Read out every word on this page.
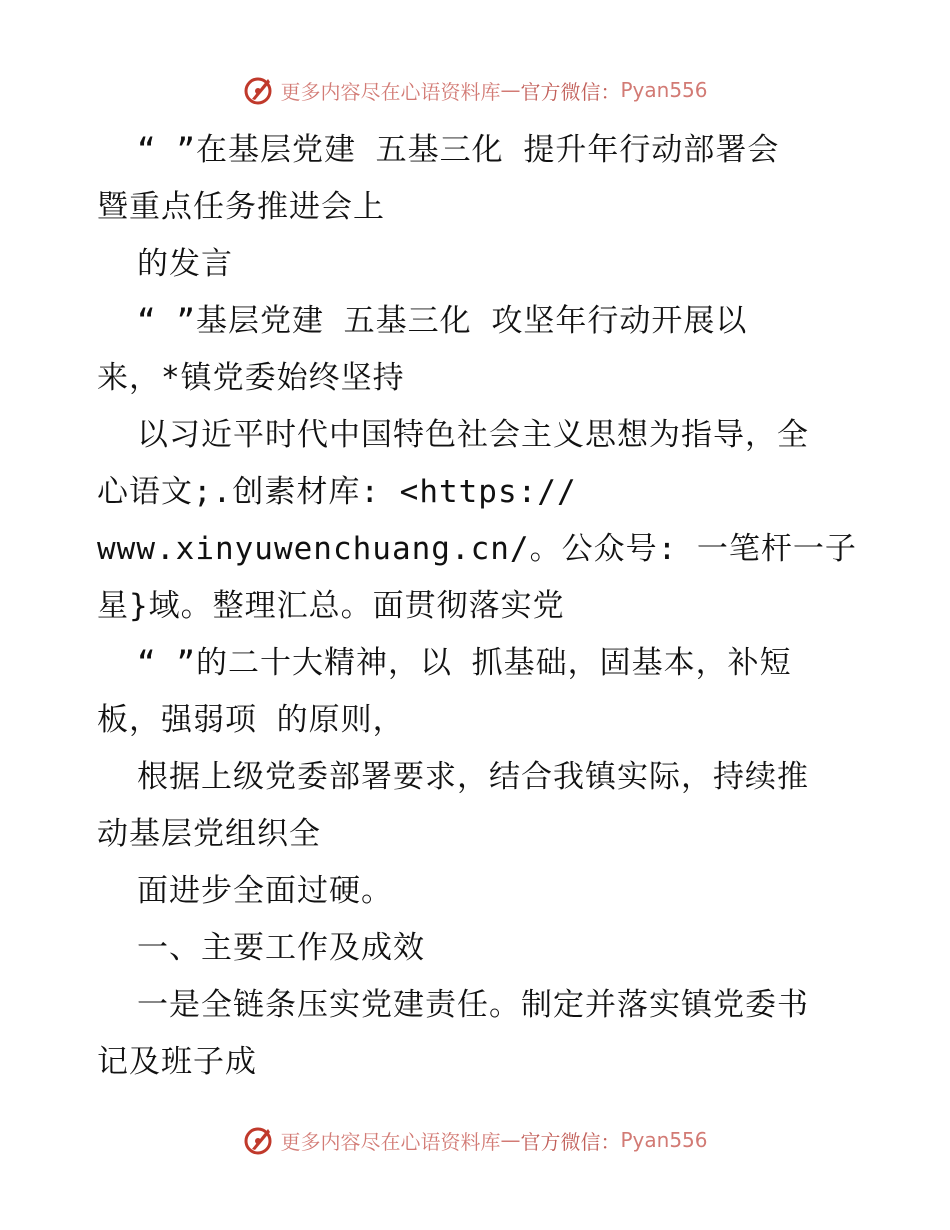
更多内容尽在心语资料库 — 官方微信： Pyan556
“ ”在基层党建 五基三化 提升年行动部署会
暨重点任务推进会上
的发言
“ ”基层党建 五基三化 攻坚年行动开展以
来，*镇党委始终坚持
以习近平时代中国特色社会主义思想为指导，全
心语文;.创素材库: <https://
www.xinyuwenchuang.cn/。公众号: 一笔杆一子
星}域。整理汇总。面贯彻落实党
“ ”的二十大精神，以 抓基础，固基本，补短
板，强弱项 的原则，
根据上级党委部署要求，结合我镇实际，持续推
动基层党组织全
面进步全面过硬。
一、主要工作及成效
一是全链条压实党建责任。制定并落实镇党委书
记及班子成
更多内容尽在心语资料库 — 官方微信： Pyan556
